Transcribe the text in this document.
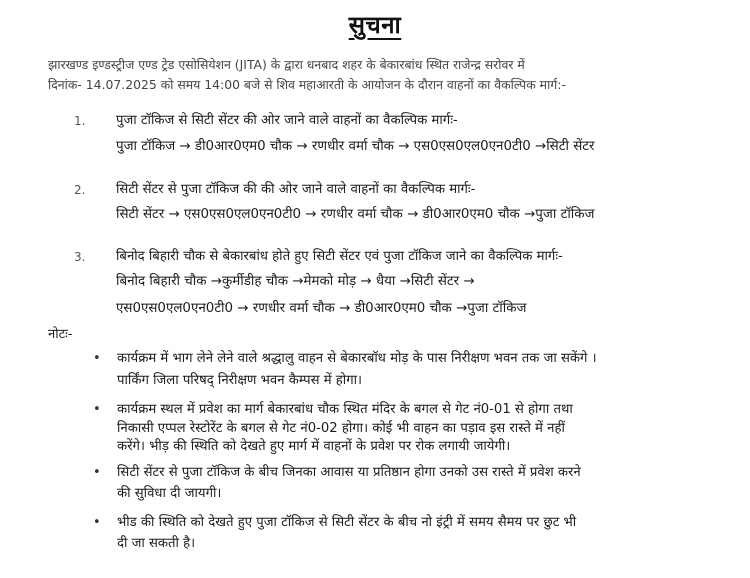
सुचना
झारखण्ड इण्डस्ट्रीज एण्ड ट्रेड एसोसियेशन (JITA) के द्वारा धनबाद शहर के बेकारबांध स्थित राजेन्द्र सरोवर में
दिनांक- 14.07.2025 को समय 14:00 बजे से शिव महाआरती के आयोजन के दौरान वाहनों का वैकल्पिक मार्ग:-
1. पुजा टॉकिज से सिटी सेंटर की ओर जाने वाले वाहनों का वैकल्पिक मार्गः-
पुजा टॉकिज → डी0आर0एम0 चौक → रणधीर वर्मा चौक → एस0एस0एल0एन0टी0 →सिटी सेंटर
2. सिटी सेंटर से पुजा टॉकिज की की ओर जाने वाले वाहनों का वैकल्पिक मार्गः-
सिटी सेंटर → एस0एस0एल0एन0टी0 → रणधीर वर्मा चौक → डी0आर0एम0 चौक →पुजा टॉकिज
3. बिनोद बिहारी चौक से बेकारबांध होते हुए सिटी सेंटर एवं पुजा टॉकिज जाने का वैकल्पिक मार्गः-
बिनोद बिहारी चौक →कुर्मीडीह चौक →मेमको मोड़ → धैया →सिटी सेंटर →
एस0एस0एल0एन0टी0 → रणधीर वर्मा चौक → डी0आर0एम0 चौक →पुजा टॉकिज
नोटः-
• कार्यक्रम में भाग लेने लेने वाले श्रद्धालु वाहन से बेकारबॉध मोड़ के पास निरीक्षण भवन तक जा सकेंगे ।
पार्किंग जिला परिषद् निरीक्षण भवन कैम्पस में होगा।
• कार्यक्रम स्थल में प्रवेश का मार्ग बेकारबांध चौक स्थित मंदिर के बगल से गेट नं0-01 से होगा तथा
निकासी एप्पल रेस्टोरेंट के बगल से गेट नं0-02 होगा। कोई भी वाहन का पड़ाव इस रास्ते में नहीं
करेंगे। भीड़ की स्थिति को देखते हुए मार्ग में वाहनों के प्रवेश पर रोक लगायी जायेगी।
• सिटी सेंटर से पुजा टॉकिज के बीच जिनका आवास या प्रतिष्ठान होगा उनको उस रास्ते में प्रवेश करने
की सुविधा दी जायगी।
• भीड की स्थिति को देखते हुए पुजा टॉकिज से सिटी सेंटर के बीच नो इंट्री में समय सैमय पर छुट भी
दी जा सकती है।
